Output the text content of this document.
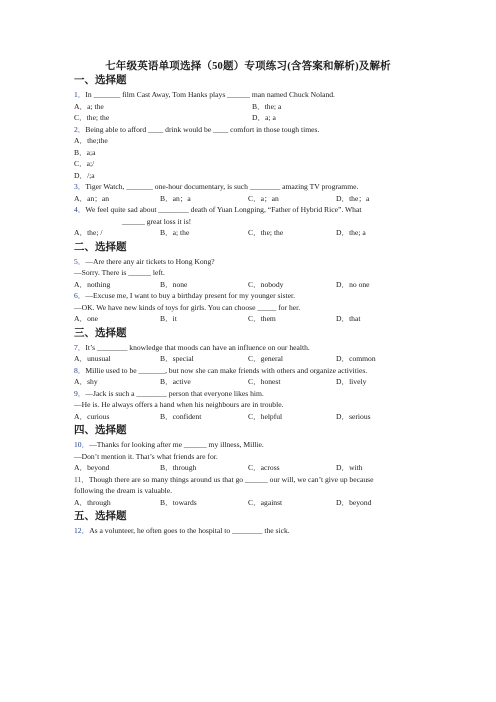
七年级英语单项选择（50题）专项练习(含答案和解析)及解析
一、选择题
1．In _______ film Cast Away, Tom Hanks plays ______ man named Chuck Noland.
A．a; the	B．the; a
C．the; the	D．a; a
2．Being able to afford ____ drink would be ____ comfort in those tough times.
A．the;the
B．a;a
C．a;/
D．/;a
3．Tiger Watch, _______ one-hour documentary, is such ________ amazing TV programme.
A．an；an	B．an；a	C．a；an	D．the；a
4．We feel quite sad about ________ death of Yuan Longping, “Father of Hybrid Rice”. What
______ great loss it is!
A．the; /	B．a; the	C．the; the	D．the; a
二、选择题
5．—Are there any air tickets to Hong Kong?
—Sorry. There is ______ left.
A．nothing	B．none	C．nobody	D．no one
6．—Excuse me, I want to buy a birthday present for my younger sister.
—OK. We have new kinds of toys for girls. You can choose _____ for her.
A．one	B．it	C．them	D．that
三、选择题
7．It’s ________ knowledge that moods can have an influence on our health.
A．unusual	B．special	C．general	D．common
8．Millie used to be _______, but now she can make friends with others and organize activities.
A．shy	B．active	C．honest	D．lively
9．—Jack is such a ________ person that everyone likes him.
—He is. He always offers a hand when his neighbours are in trouble.
A．curious	B．confident	C．helpful	D．serious
四、选择题
10．—Thanks for looking after me ______ my illness, Millie.
—Don’t mention it. That’s what friends are for.
A．beyond	B．through	C．across	D．with
11．Though there are so many things around us that go ______ our will, we can’t give up because
following the dream is valuable.
A．through	B．towards	C．against	D．beyond
五、选择题
12．As a volunteer, he often goes to the hospital to ________ the sick.
